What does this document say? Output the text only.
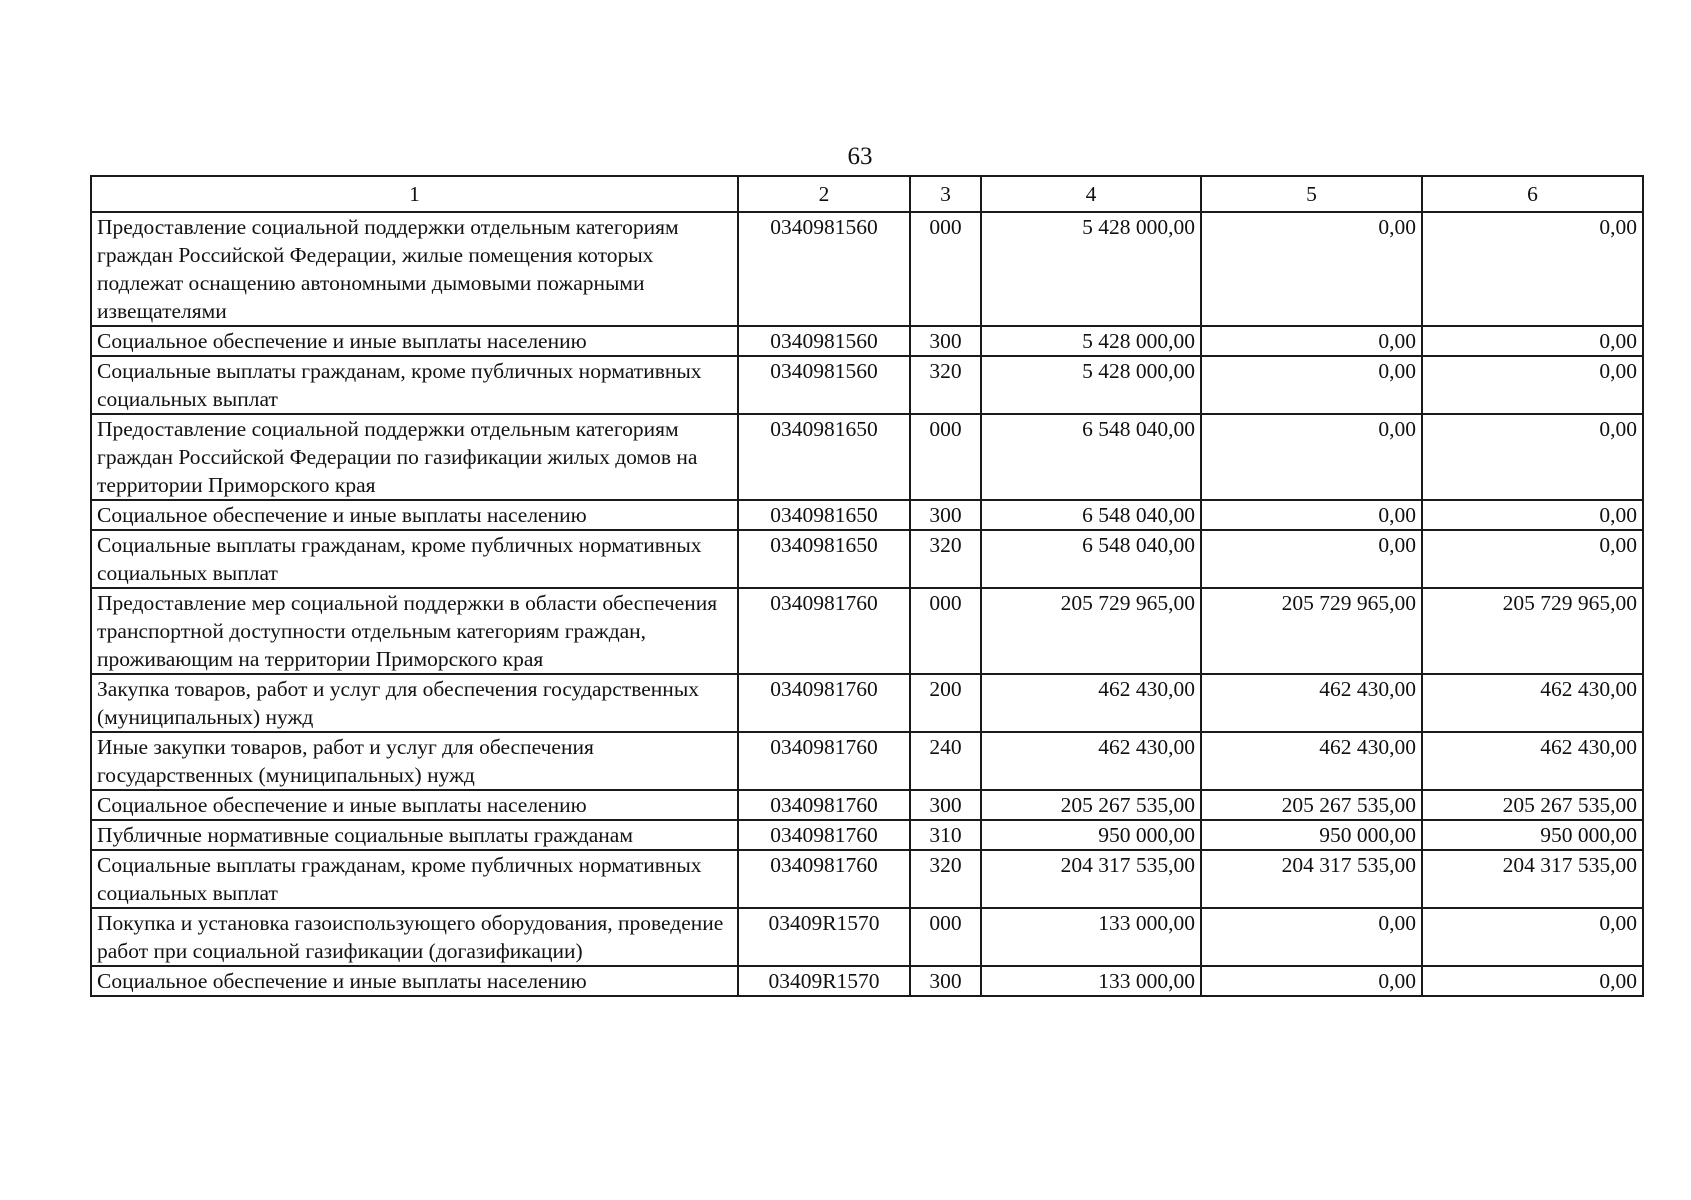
63
1	2	3	4	5	6
Предоставление социальной поддержки отдельным категориям граждан Российской Федерации, жилые помещения которых подлежат оснащению автономными дымовыми пожарными извещателями	0340981560	000	5 428 000,00	0,00	0,00
Социальное обеспечение и иные выплаты населению	0340981560	300	5 428 000,00	0,00	0,00
Социальные выплаты гражданам, кроме публичных нормативных социальных выплат	0340981560	320	5 428 000,00	0,00	0,00
Предоставление социальной поддержки отдельным категориям граждан Российской Федерации по газификации жилых домов на территории Приморского края	0340981650	000	6 548 040,00	0,00	0,00
Социальное обеспечение и иные выплаты населению	0340981650	300	6 548 040,00	0,00	0,00
Социальные выплаты гражданам, кроме публичных нормативных социальных выплат	0340981650	320	6 548 040,00	0,00	0,00
Предоставление мер социальной поддержки в области обеспечения транспортной доступности отдельным категориям граждан, проживающим на территории Приморского края	0340981760	000	205 729 965,00	205 729 965,00	205 729 965,00
Закупка товаров, работ и услуг для обеспечения государственных (муниципальных) нужд	0340981760	200	462 430,00	462 430,00	462 430,00
Иные закупки товаров, работ и услуг для обеспечения государственных (муниципальных) нужд	0340981760	240	462 430,00	462 430,00	462 430,00
Социальное обеспечение и иные выплаты населению	0340981760	300	205 267 535,00	205 267 535,00	205 267 535,00
Публичные нормативные социальные выплаты гражданам	0340981760	310	950 000,00	950 000,00	950 000,00
Социальные выплаты гражданам, кроме публичных нормативных социальных выплат	0340981760	320	204 317 535,00	204 317 535,00	204 317 535,00
Покупка и установка газоиспользующего оборудования, проведение работ при социальной газификации (догазификации)	03409R1570	000	133 000,00	0,00	0,00
Социальное обеспечение и иные выплаты населению	03409R1570	300	133 000,00	0,00	0,00
